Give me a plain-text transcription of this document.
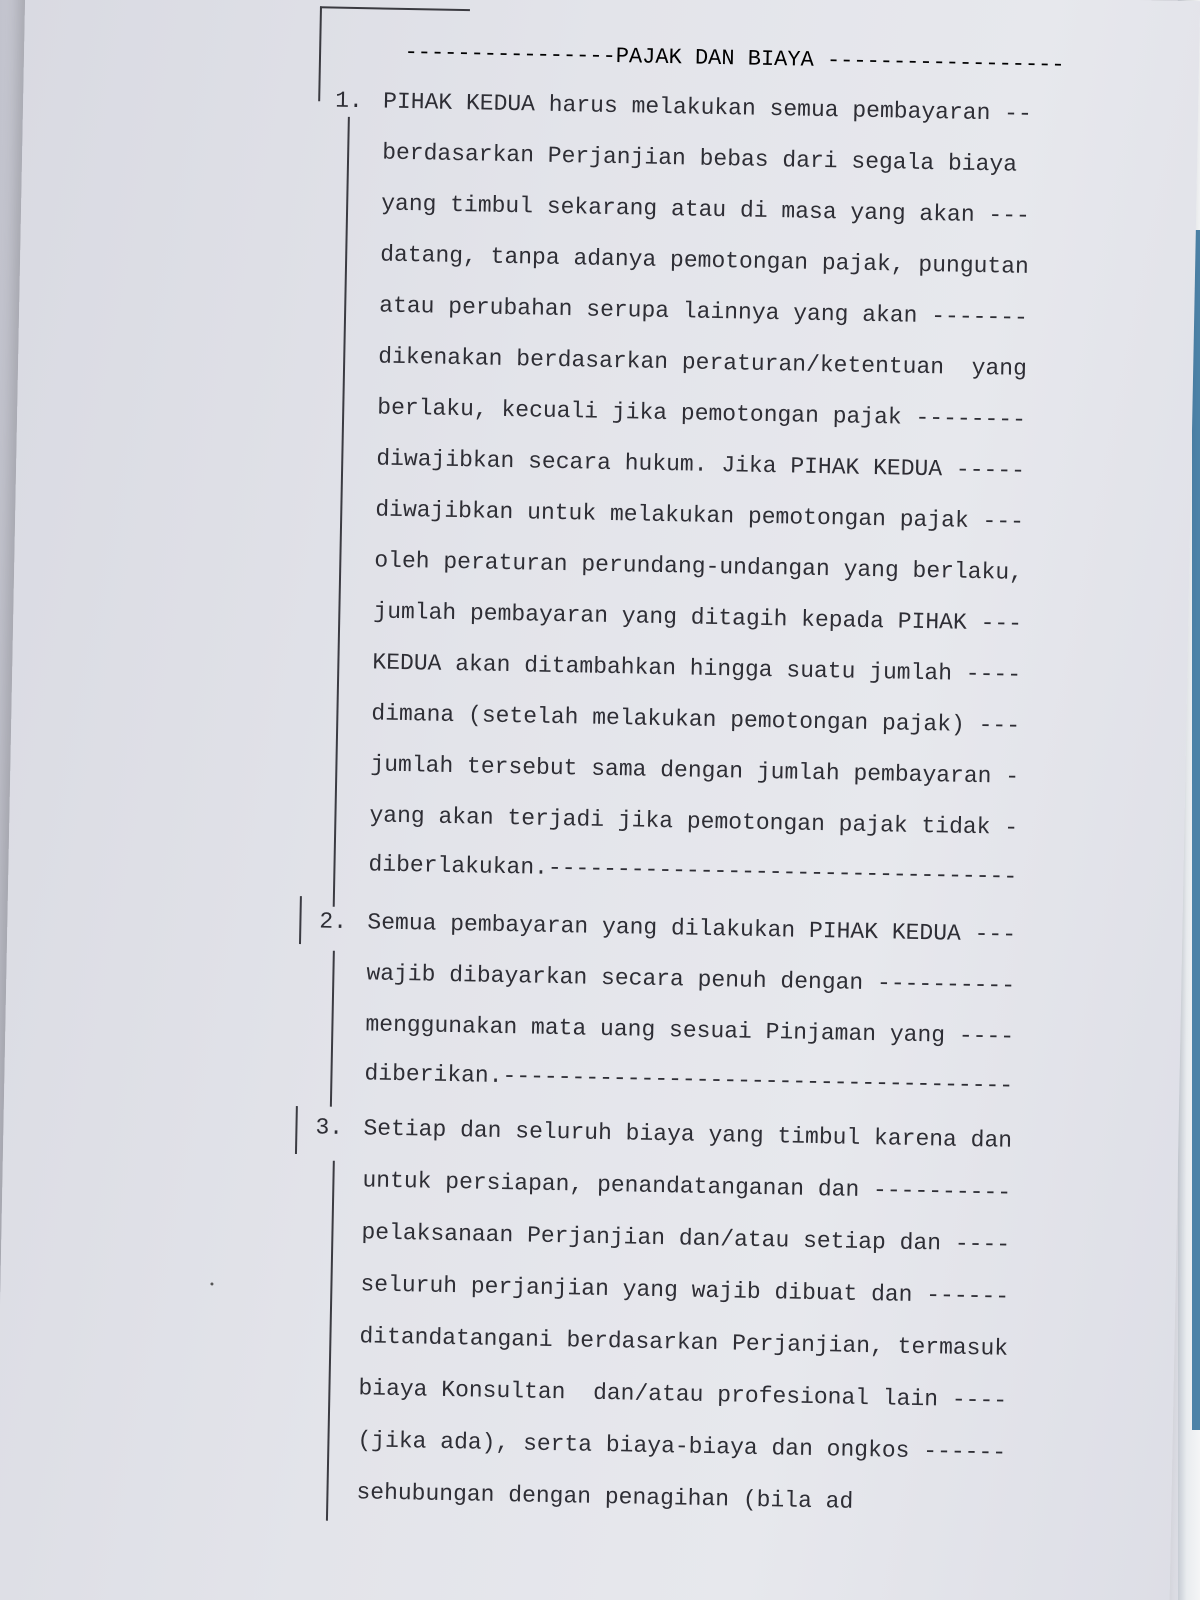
----------------PAJAK DAN BIAYA ------------------
1. PIHAK KEDUA harus melakukan semua pembayaran --
berdasarkan Perjanjian bebas dari segala biaya
yang timbul sekarang atau di masa yang akan ---
datang, tanpa adanya pemotongan pajak, pungutan
atau perubahan serupa lainnya yang akan -------
dikenakan berdasarkan peraturan/ketentuan  yang
berlaku, kecuali jika pemotongan pajak --------
diwajibkan secara hukum. Jika PIHAK KEDUA -----
diwajibkan untuk melakukan pemotongan pajak ---
oleh peraturan perundang-undangan yang berlaku,
jumlah pembayaran yang ditagih kepada PIHAK ---
KEDUA akan ditambahkan hingga suatu jumlah ----
dimana (setelah melakukan pemotongan pajak) ---
jumlah tersebut sama dengan jumlah pembayaran -
yang akan terjadi jika pemotongan pajak tidak -
diberlakukan.----------------------------------
2. Semua pembayaran yang dilakukan PIHAK KEDUA ---
wajib dibayarkan secara penuh dengan ----------
menggunakan mata uang sesuai Pinjaman yang ----
diberikan.-------------------------------------
3. Setiap dan seluruh biaya yang timbul karena dan
untuk persiapan, penandatanganan dan ----------
pelaksanaan Perjanjian dan/atau setiap dan ----
seluruh perjanjian yang wajib dibuat dan ------
ditandatangani berdasarkan Perjanjian, termasuk
biaya Konsultan  dan/atau profesional lain ----
(jika ada), serta biaya-biaya dan ongkos ------
sehubungan dengan penagihan (bila ad
